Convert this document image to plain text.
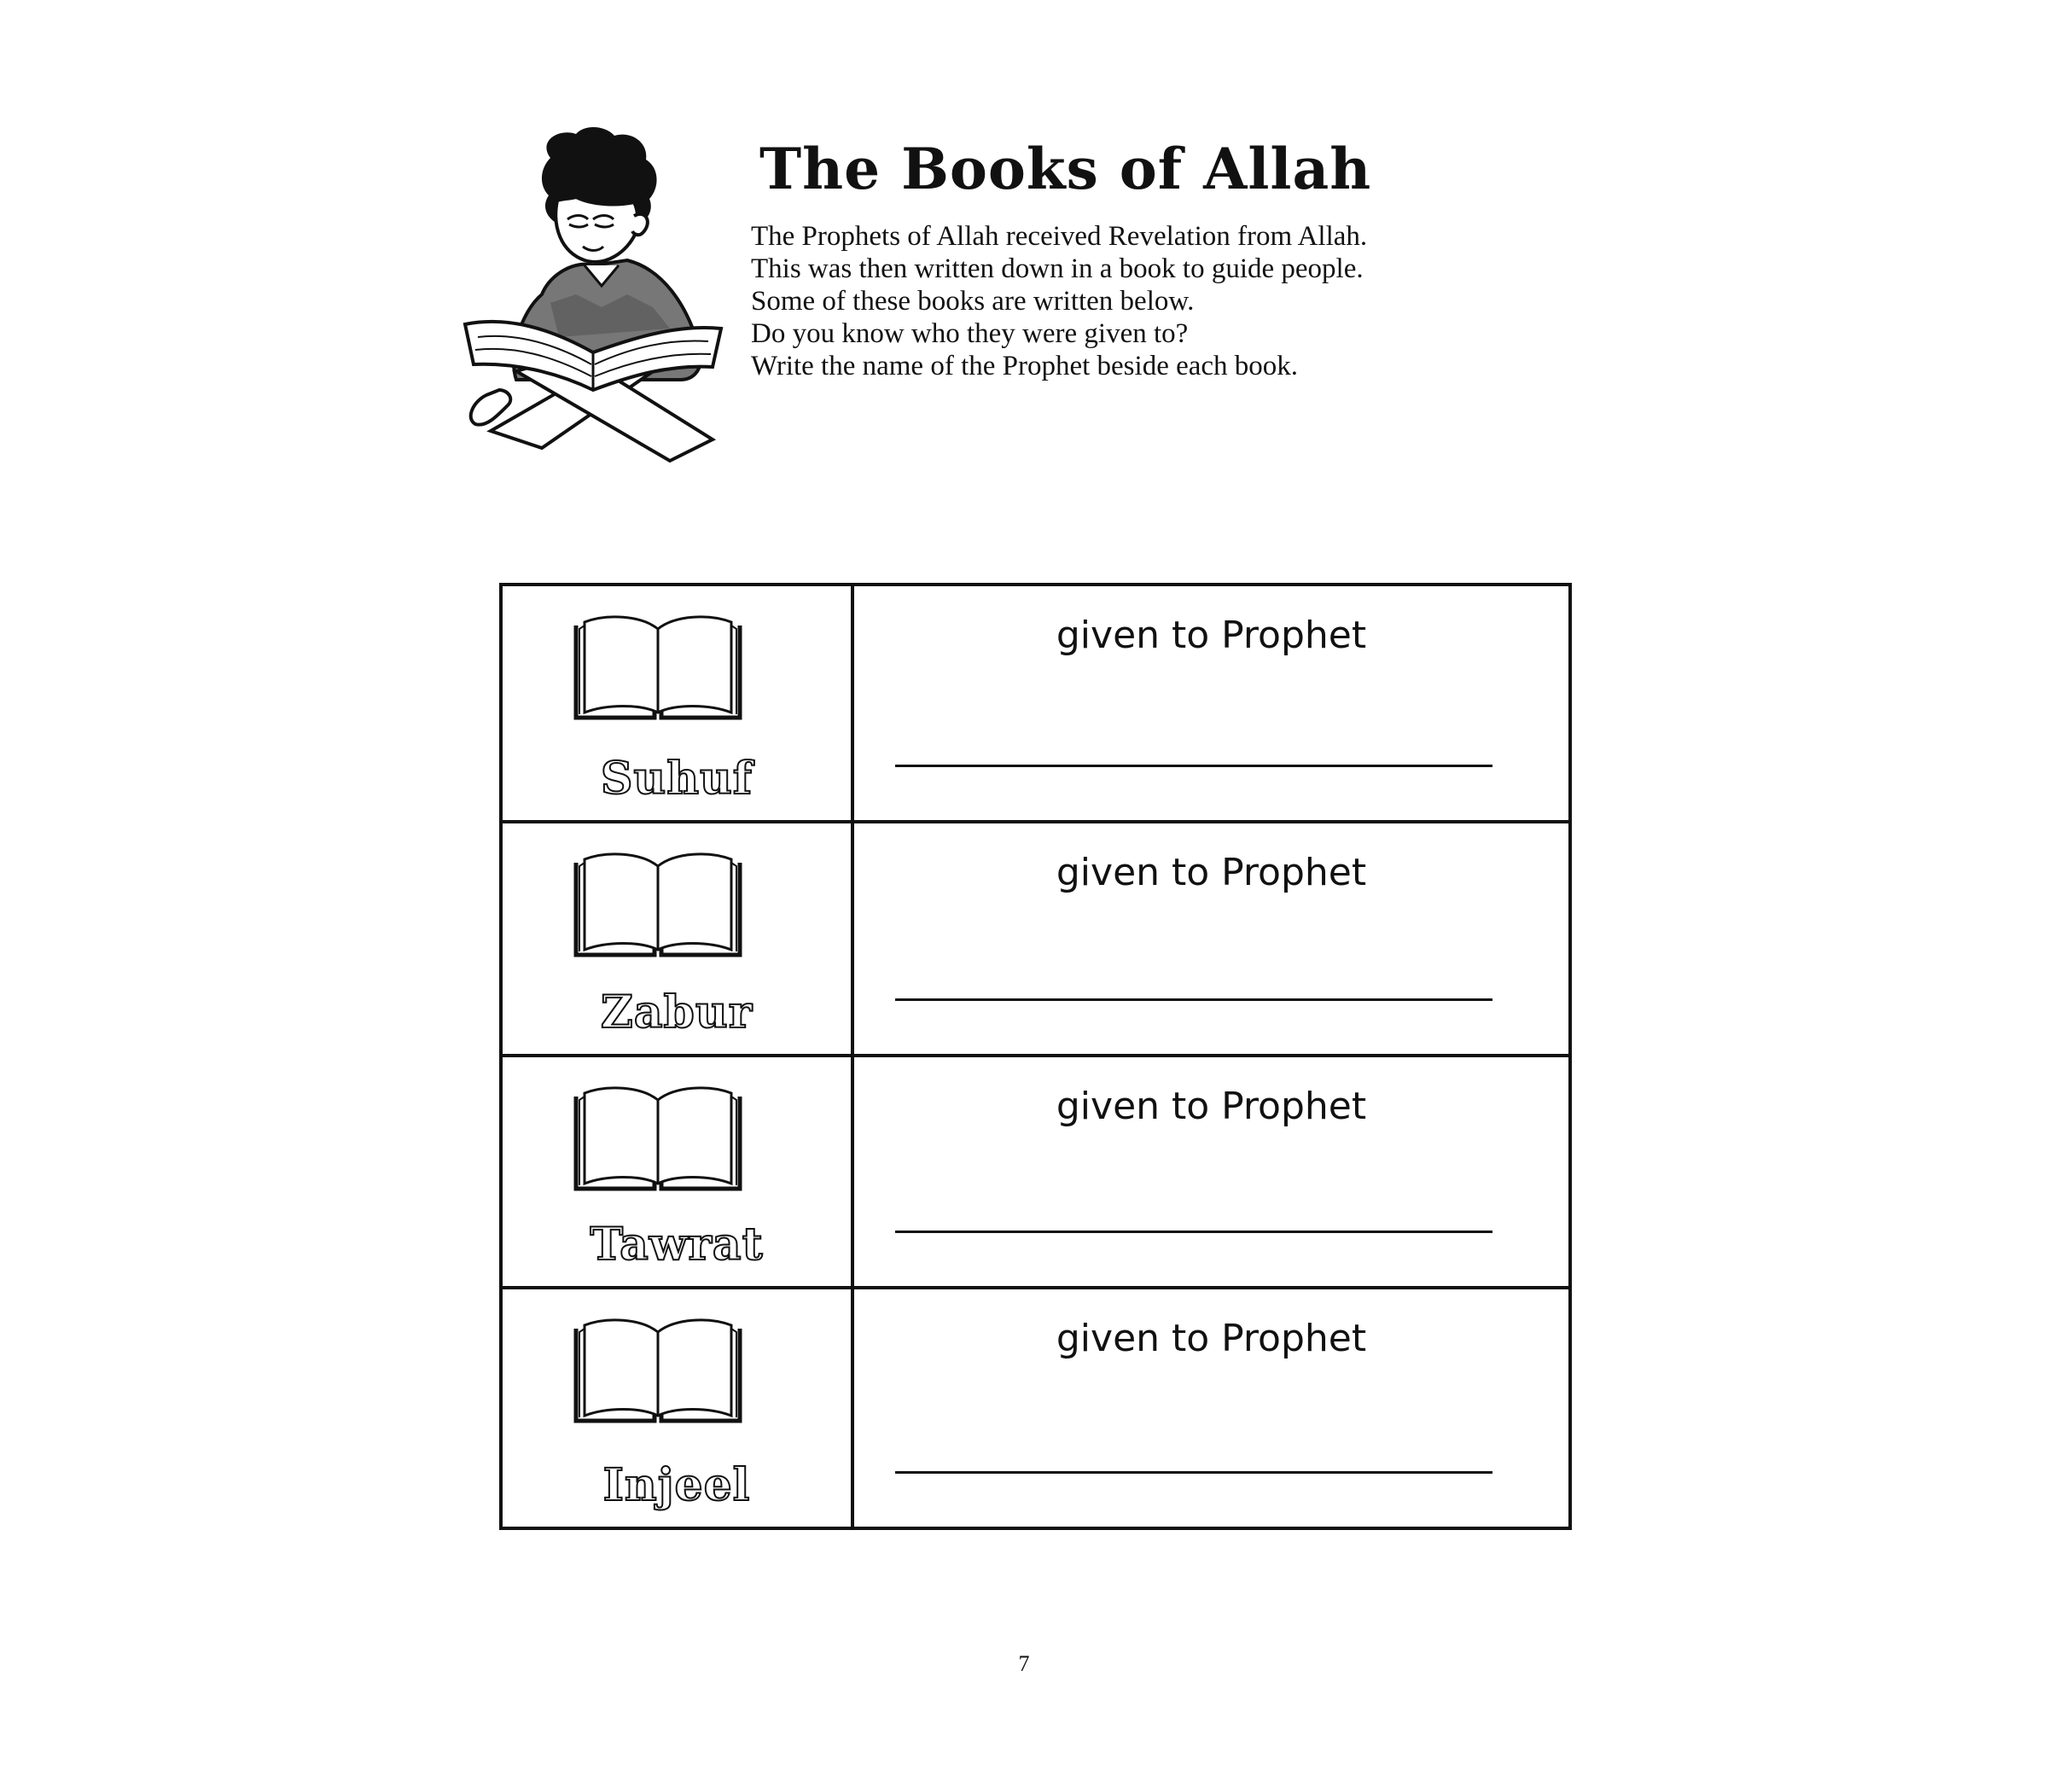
The Books of Allah
The Prophets of Allah received Revelation from Allah.
This was then written down in a book to guide people.
Some of these books are written below.
Do you know who they were given to?
Write the name of the Prophet beside each book.
Suhuf
given to Prophet
Zabur
given to Prophet
Tawrat
given to Prophet
Injeel
given to Prophet
7
